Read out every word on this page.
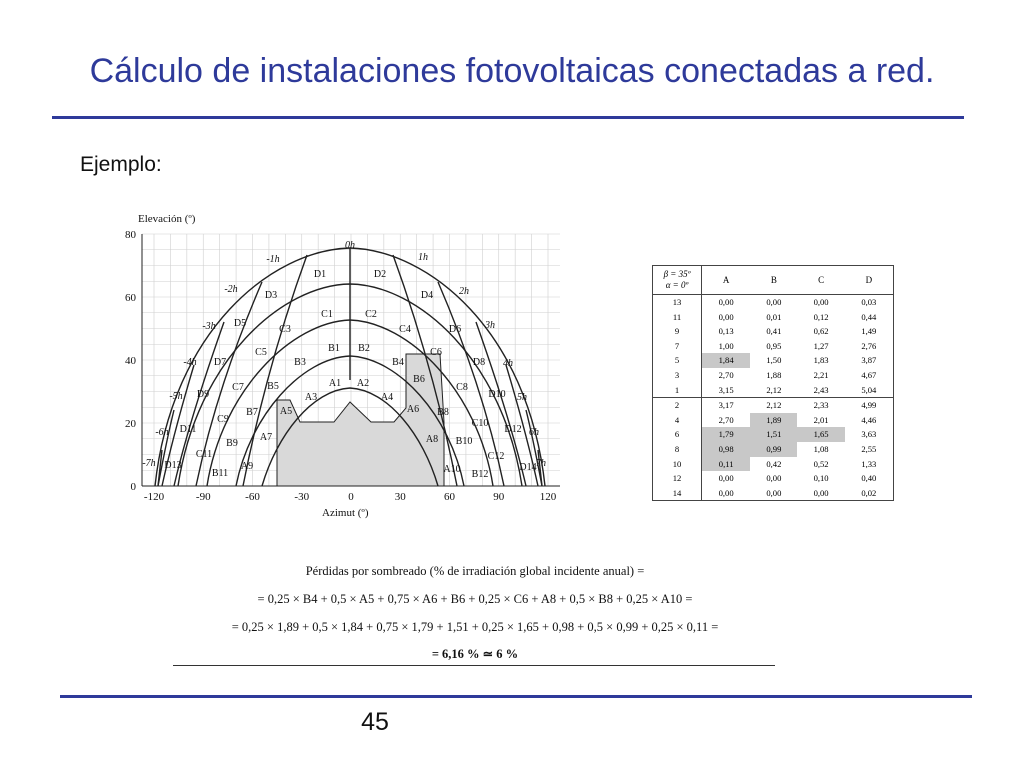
Cálculo de instalaciones fotovoltaicas conectadas a red.
Ejemplo:
-120	-90	-60	-30	0	30	60	90	120
0
20
40
60
80
Elevación (º)
Azimut (º)
0h
1h
-1h
2h
-2h
3h
-3h
4h
-4h
5h
-5h
6h
-6h
7h
-7h
A1 A2
A3	A4
A5	A6
A7	A8
A9	A10
B1 B2
B3	B4
B5
B6
B7	B8
B9	B10
B11	B12
C1	C2
C3	C4
C5	C6
C7	C8
C9	C10
C11	C12
D1	D2
D3	D4
D5
D6
D7	D8
D9	D10
D11	D12
D13	D14
β = 35º
α = 0º	A	B	C	D
13	0,00	0,00	0,00	0,03
11	0,00	0,01	0,12	0,44
9	0,13	0,41	0,62	1,49
7	1,00	0,95	1,27	2,76
5	1,84	1,50	1,83	3,87
3	2,70	1,88	2,21	4,67
1	3,15	2,12	2,43	5,04
2	3,17	2,12	2,33	4,99
4	2,70	1,89	2,01	4,46
6	1,79	1,51	1,65	3,63
8	0,98	0,99	1,08	2,55
10	0,11	0,42	0,52	1,33
12	0,00	0,00	0,10	0,40
14	0,00	0,00	0,00	0,02
Pérdidas por sombreado (% de irradiación global incidente anual) =
= 0,25 × B4 + 0,5 × A5 + 0,75 × A6 + B6 + 0,25 × C6 + A8 + 0,5 × B8 + 0,25 × A10 =
= 0,25 × 1,89 + 0,5 × 1,84 + 0,75 × 1,79 + 1,51 + 0,25 × 1,65 + 0,98 + 0,5 × 0,99 + 0,25 × 0,11 =
= 6,16 % ≃ 6 %
45
